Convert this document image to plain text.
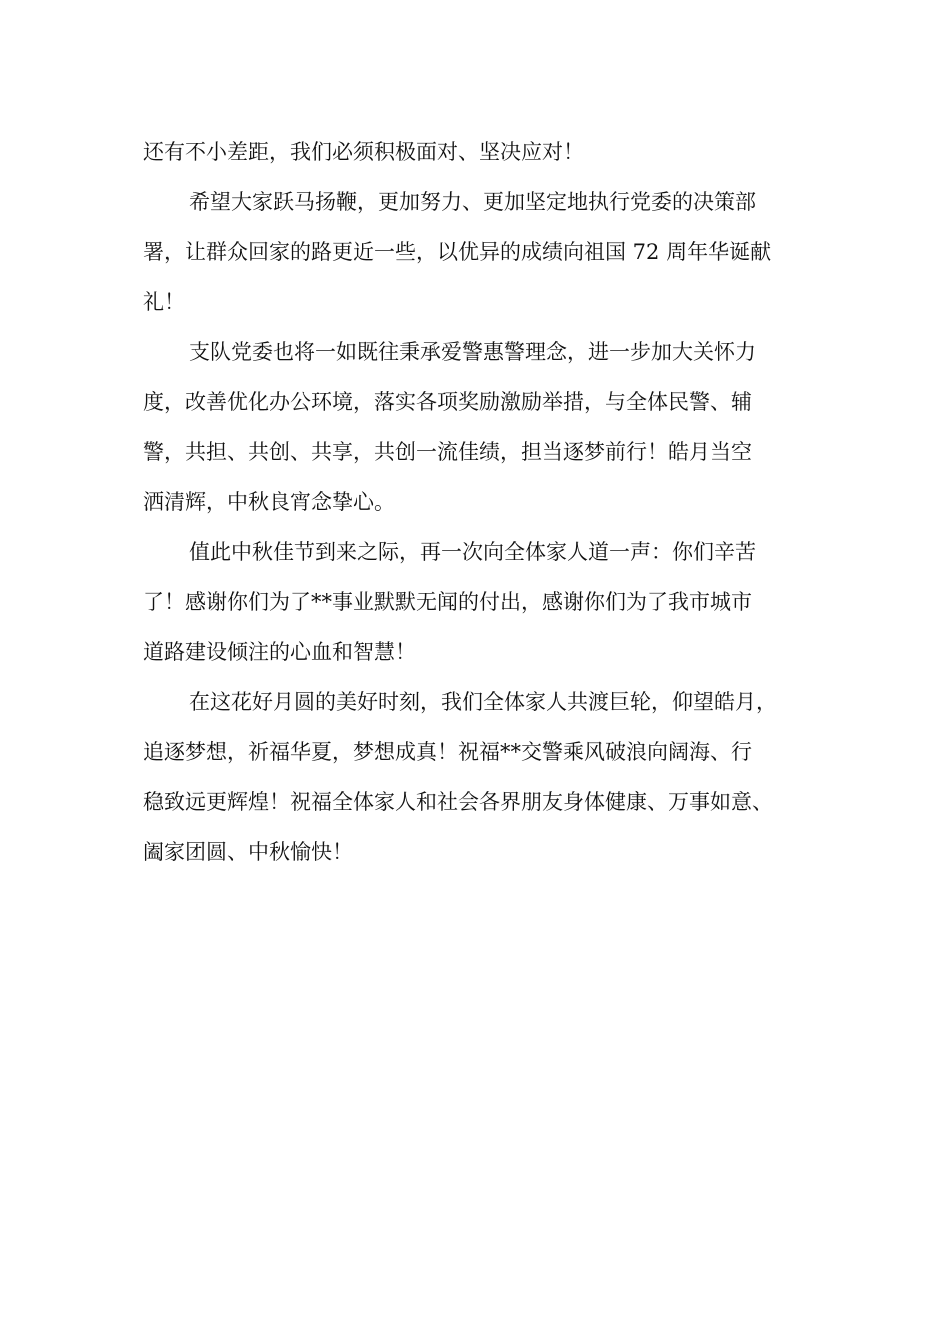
还有不小差距，我们必须积极面对、坚决应对！
希望大家跃马扬鞭，更加努力、更加坚定地执行党委的决策部
署，让群众回家的路更近一些，以优异的成绩向祖国 72 周年华诞献
礼！
支队党委也将一如既往秉承爱警惠警理念，进一步加大关怀力
度，改善优化办公环境，落实各项奖励激励举措，与全体民警、辅
警，共担、共创、共享，共创一流佳绩，担当逐梦前行！皓月当空
洒清辉，中秋良宵念挚心。
值此中秋佳节到来之际，再一次向全体家人道一声：你们辛苦
了！感谢你们为了**事业默默无闻的付出，感谢你们为了我市城市
道路建设倾注的心血和智慧！
在这花好月圆的美好时刻，我们全体家人共渡巨轮，仰望皓月，
追逐梦想，祈福华夏，梦想成真！祝福**交警乘风破浪向阔海、行
稳致远更辉煌！祝福全体家人和社会各界朋友身体健康、万事如意、
阖家团圆、中秋愉快！
